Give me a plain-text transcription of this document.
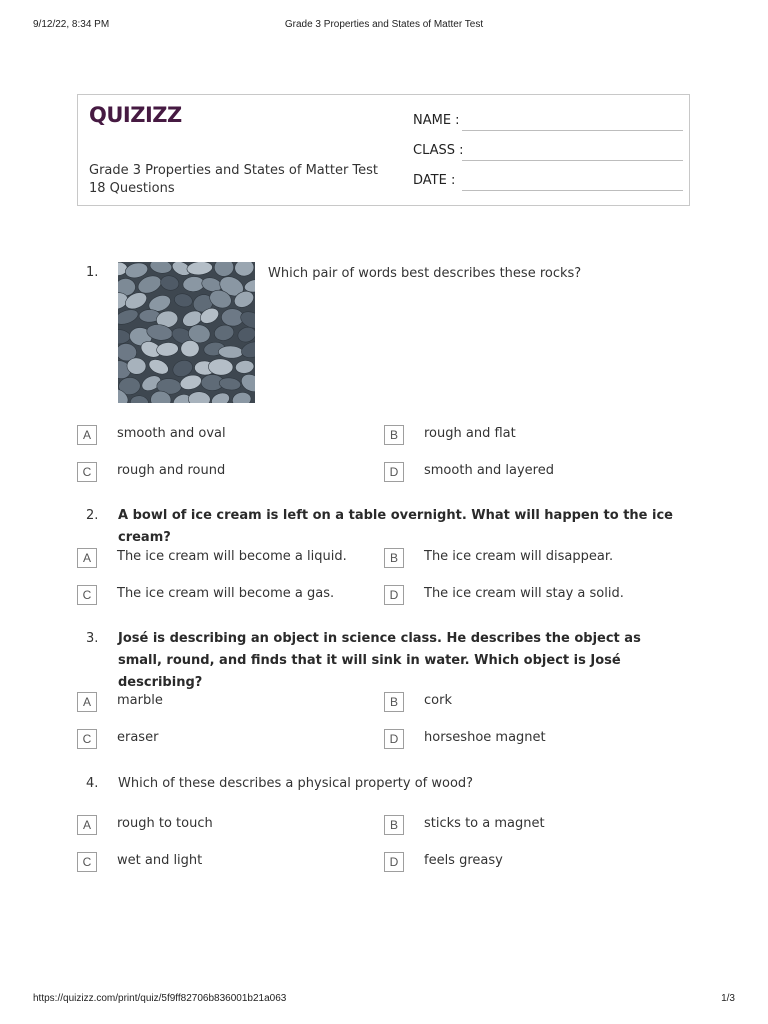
9/12/22, 8:34 PM	Grade 3 Properties and States of Matter Test
QUIZIZZ
Grade 3 Properties and States of Matter Test
18 Questions
NAME :
CLASS :
DATE :
1.	Which pair of words best describes these rocks?
A	smooth and oval	B	rough and flat
C	rough and round	D	smooth and layered
2. A bowl of ice cream is left on a table overnight. What will happen to the ice cream?
A	The ice cream will become a liquid.	B	The ice cream will disappear.
C	The ice cream will become a gas.	D	The ice cream will stay a solid.
3. José is describing an object in science class. He describes the object as small, round, and finds that it will sink in water. Which object is José describing?
A	marble	B	cork
C	eraser	D	horseshoe magnet
4. Which of these describes a physical property of wood?
A	rough to touch	B	sticks to a magnet
C	wet and light	D	feels greasy
https://quizizz.com/print/quiz/5f9ff82706b836001b21a063	1/3
